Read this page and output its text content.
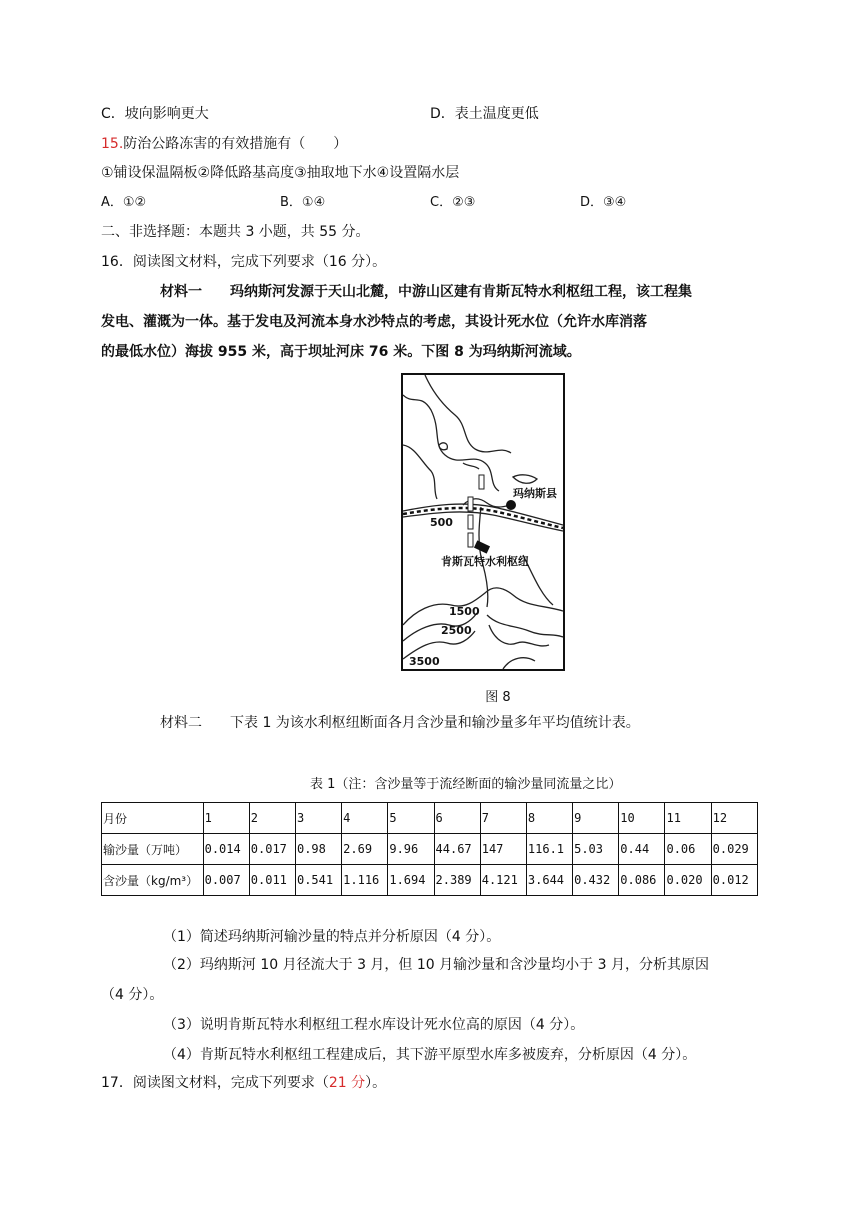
C．坡向影响更大	D．表土温度更低
15.防治公路冻害的有效措施有（　　）
①铺设保温隔板②降低路基高度③抽取地下水④设置隔水层
A．①②	B．①④	C．②③	D．③④
二、非选择题：本题共 3 小题，共 55 分。
16．阅读图文材料，完成下列要求（16 分）。
材料一　　玛纳斯河发源于天山北麓，中游山区建有肯斯瓦特水利枢纽工程，该工程集
发电、灌溉为一体。基于发电及河流本身水沙特点的考虑，其设计死水位（允许水库消落
的最低水位）海拔 955 米，高于坝址河床 76 米。下图 8 为玛纳斯河流域。
玛纳斯县
500
肯斯瓦特水利枢纽
1500
2500
3500
图 8
材料二　　下表 1 为该水利枢纽断面各月含沙量和输沙量多年平均值统计表。
表 1（注：含沙量等于流经断面的输沙量同流量之比）
月份	1	2	3	4	5	6	7	8	9	10	11	12
输沙量（万吨）	0.014	0.017	0.98	2.69	9.96	44.67	147	116.1	5.03	0.44	0.06	0.029
含沙量（kg/m³）	0.007	0.011	0.541	1.116	1.694	2.389	4.121	3.644	0.432	0.086	0.020	0.012
（1）简述玛纳斯河输沙量的特点并分析原因（4 分）。
（2）玛纳斯河 10 月径流大于 3 月，但 10 月输沙量和含沙量均小于 3 月，分析其原因
（4 分）。
（3）说明肯斯瓦特水利枢纽工程水库设计死水位高的原因（4 分）。
（4）肯斯瓦特水利枢纽工程建成后，其下游平原型水库多被废弃，分析原因（4 分）。
17．阅读图文材料，完成下列要求（21 分）。
